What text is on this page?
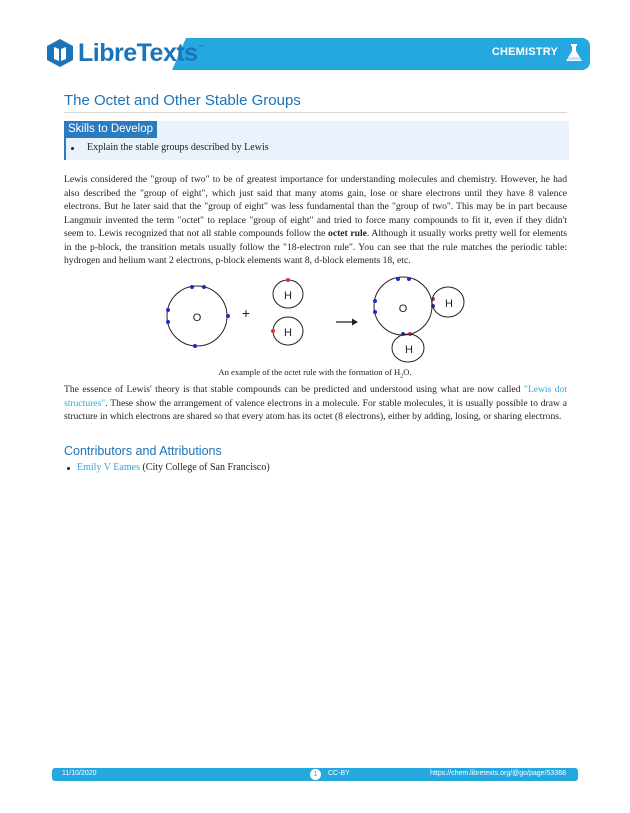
LibreTexts ™	CHEMISTRY
The Octet and Other Stable Groups
Skills to Develop
Explain the stable groups described by Lewis
Lewis considered the "group of two" to be of greatest importance for understanding molecules and chemistry. However, he had also described the "group of eight", which just said that many atoms gain, lose or share electrons until they have 8 valence electrons. But he later said that the "group of eight" was less fundamental than the "group of two". This may be in part because Langmuir invented the term "octet" to replace "group of eight" and tried to force many compounds to fit it, even if they didn't seem to. Lewis recognized that not all stable compounds follow the octet rule. Although it usually works pretty well for elements in the p-block, the transition metals usually follow the "18-electron rule". You can see that the rule matches the periodic table: hydrogen and helium want 2 electrons, p-block elements want 8, d-block elements 18, etc.
O	+
H
H
O	H
H
An example of the octet rule with the formation of $H_2O$.
The essence of Lewis' theory is that stable compounds can be predicted and understood using what are now called "Lewis dot structures". These show the arrangement of valence electrons in a molecule. For stable molecules, it is usually possible to draw a structure in which electrons are shared so that every atom has its octet (8 electrons), either by adding, losing, or sharing electrons.
Contributors and Attributions
Emily V Eames (City College of San Francisco)
11/10/2020	1	CC-BY	https://chem.libretexts.org/@go/page/53368
